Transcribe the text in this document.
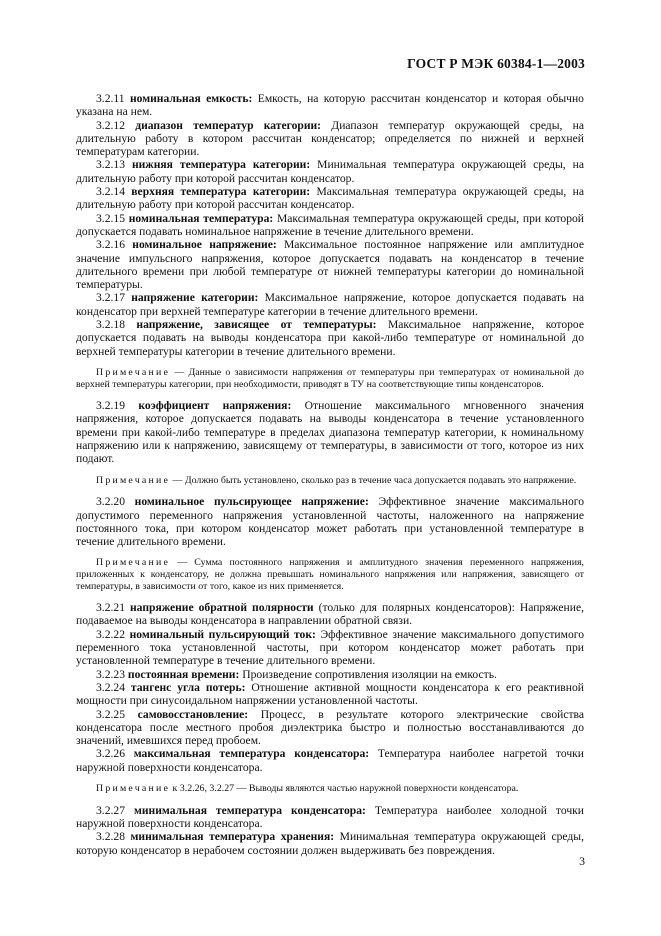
ГОСТ Р МЭК 60384-1—2003

3.2.11 номинальная емкость: Емкость, на которую рассчитан конденсатор и которая обычно указана на нем.

3.2.12 диапазон температур категории: Диапазон температур окружающей среды, на длительную работу в котором рассчитан конденсатор; определяется по нижней и верхней температурам категории.

3.2.13 нижняя температура категории: Минимальная температура окружающей среды, на длительную работу при которой рассчитан конденсатор.

3.2.14 верхняя температура категории: Максимальная температура окружающей среды, на длительную работу при которой рассчитан конденсатор.

3.2.15 номинальная температура: Максимальная температура окружающей среды, при которой допускается подавать номинальное напряжение в течение длительного времени.

3.2.16 номинальное напряжение: Максимальное постоянное напряжение или амплитудное значение импульсного напряжения, которое допускается подавать на конденсатор в течение длительного времени при любой температуре от нижней температуры категории до номинальной температуры.

3.2.17 напряжение категории: Максимальное напряжение, которое допускается подавать на конденсатор при верхней температуре категории в течение длительного времени.

3.2.18 напряжение, зависящее от температуры: Максимальное напряжение, которое допускается подавать на выводы конденсатора при какой-либо температуре от номинальной до верхней температуры категории в течение длительного времени.

Примечание — Данные о зависимости напряжения от температуры при температурах от номинальной до верхней температуры категории, при необходимости, приводят в ТУ на соответствующие типы конденсаторов.

3.2.19 коэффициент напряжения: Отношение максимального мгновенного значения напряжения, которое допускается подавать на выводы конденсатора в течение установленного времени при какой-либо температуре в пределах диапазона температур категории, к номинальному напряжению или к напряжению, зависящему от температуры, в зависимости от того, которое из них подают.

Примечание — Должно быть установлено, сколько раз в течение часа допускается подавать это напряжение.

3.2.20 номинальное пульсирующее напряжение: Эффективное значение максимального допустимого переменного напряжения установленной частоты, наложенного на напряжение постоянного тока, при котором конденсатор может работать при установленной температуре в течение длительного времени.

Примечание — Сумма постоянного напряжения и амплитудного значения переменного напряжения, приложенных к конденсатору, не должна превышать номинального напряжения или напряжения, зависящего от температуры, в зависимости от того, какое из них применяется.

3.2.21 напряжение обратной полярности (только для полярных конденсаторов): Напряжение, подаваемое на выводы конденсатора в направлении обратной связи.

3.2.22 номинальный пульсирующий ток: Эффективное значение максимального допустимого переменного тока установленной частоты, при котором конденсатор может работать при установленной температуре в течение длительного времени.

3.2.23 постоянная времени: Произведение сопротивления изоляции на емкость.

3.2.24 тангенс угла потерь: Отношение активной мощности конденсатора к его реактивной мощности при синусоидальном напряжении установленной частоты.

3.2.25 самовосстановление: Процесс, в результате которого электрические свойства конденсатора после местного пробоя диэлектрика быстро и полностью восстанавливаются до значений, имевшихся перед пробоем.

3.2.26 максимальная температура конденсатора: Температура наиболее нагретой точки наружной поверхности конденсатора.

Примечание к 3.2.26, 3.2.27 — Выводы являются частью наружной поверхности конденсатора.

3.2.27 минимальная температура конденсатора: Температура наиболее холодной точки наружной поверхности конденсатора.

3.2.28 минимальная температура хранения: Минимальная температура окружающей среды, которую конденсатор в нерабочем состоянии должен выдерживать без повреждения.

3
